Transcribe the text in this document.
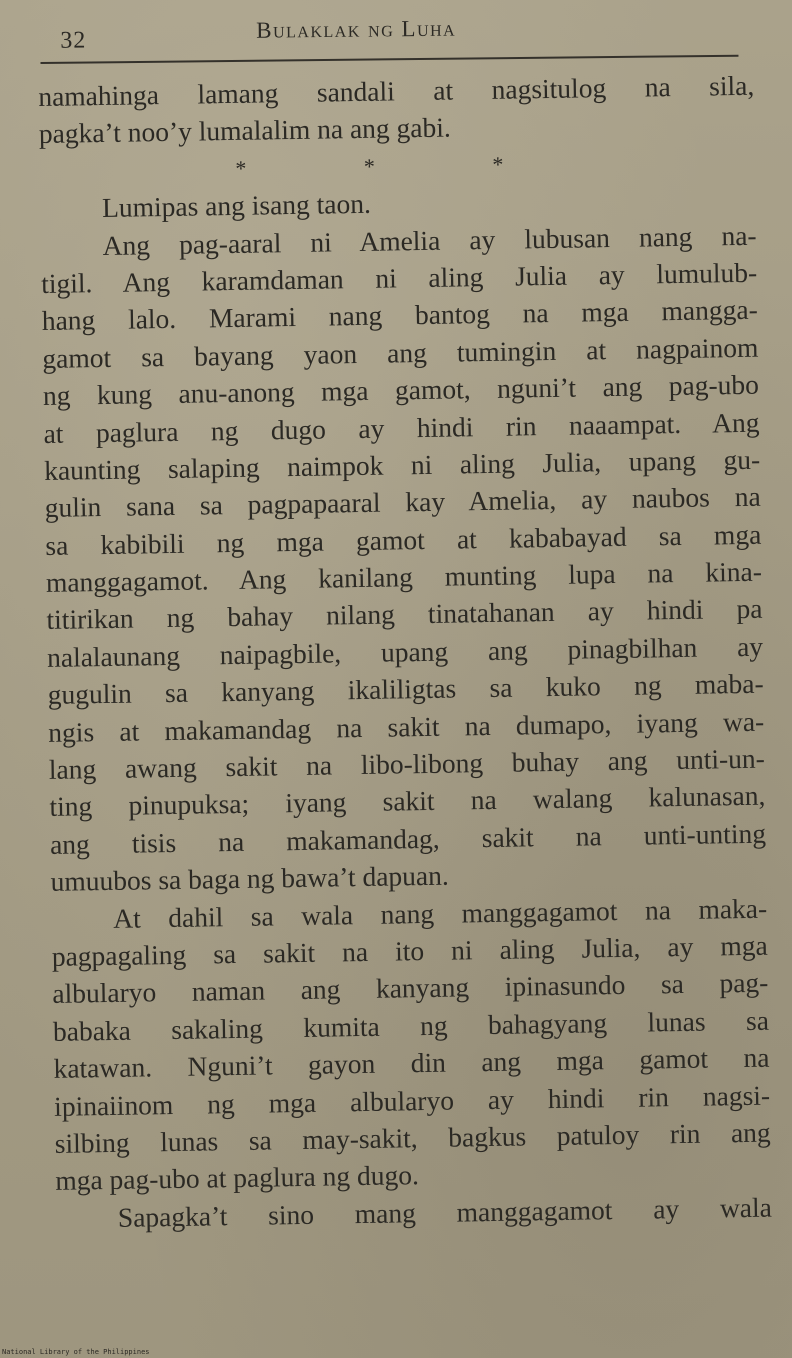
32	Bulaklak ng Luha
namahinga lamang sandali at nagsitulog na sila,
pagka’t noo’y lumalalim na ang gabi.
* * *
Lumipas ang isang taon.
Ang pag-aaral ni Amelia ay lubusan nang na-
tigil. Ang karamdaman ni aling Julia ay lumulub-
hang lalo. Marami nang bantog na mga mangga-
gamot sa bayang yaon ang tumingin at nagpainom
ng kung anu-anong mga gamot, nguni’t ang pag-ubo
at paglura ng dugo ay hindi rin naaampat. Ang
kaunting salaping naimpok ni aling Julia, upang gu-
gulin sana sa pagpapaaral kay Amelia, ay naubos na
sa kabibili ng mga gamot at kababayad sa mga
manggagamot. Ang kanilang munting lupa na kina-
titirikan ng bahay nilang tinatahanan ay hindi pa
nalalaunang naipagbile, upang ang pinagbilhan ay
gugulin sa kanyang ikaliligtas sa kuko ng maba-
ngis at makamandag na sakit na dumapo, iyang wa-
lang awang sakit na libo-libong buhay ang unti-un-
ting pinupuksa; iyang sakit na walang kalunasan,
ang tisis na makamandag, sakit na unti-unting
umuubos sa baga ng bawa’t dapuan.
At dahil sa wala nang manggagamot na maka-
pagpagaling sa sakit na ito ni aling Julia, ay mga
albularyo naman ang kanyang ipinasundo sa pag-
babaka sakaling kumita ng bahagyang lunas sa
katawan. Nguni’t gayon din ang mga gamot na
ipinaiinom ng mga albularyo ay hindi rin nagsi-
silbing lunas sa may-sakit, bagkus patuloy rin ang
mga pag-ubo at paglura ng dugo.
Sapagka’t sino mang manggagamot ay wala
National Library of the Philippines
